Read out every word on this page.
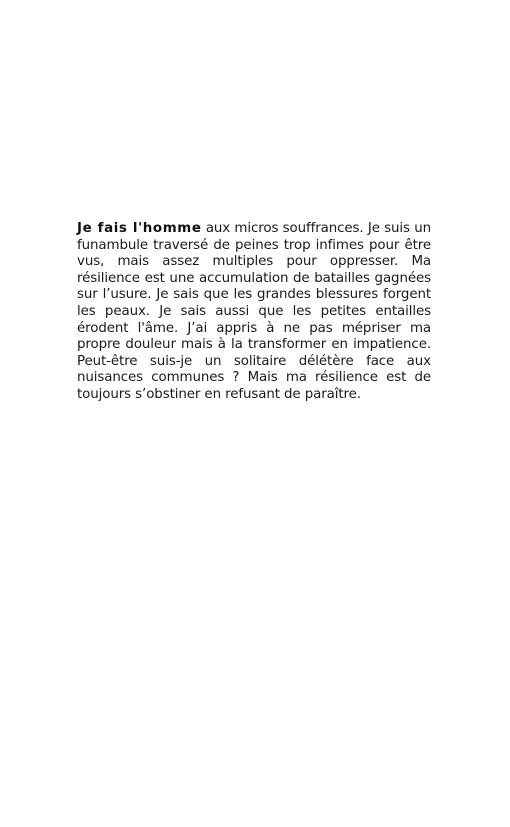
Je fais l'homme aux micros souffrances. Je suis un funambule traversé de peines trop infimes pour être vus, mais assez multiples pour oppresser. Ma résilience est une accumulation de batailles gagnées sur l’usure. Je sais que les grandes blessures forgent les peaux. Je sais aussi que les petites entailles érodent l'âme. J’ai appris à ne pas mépriser ma propre douleur mais à la transformer en impatience. Peut-être suis-je un solitaire délétère face aux nuisances communes ? Mais ma résilience est de toujours s’obstiner en refusant de paraître.
